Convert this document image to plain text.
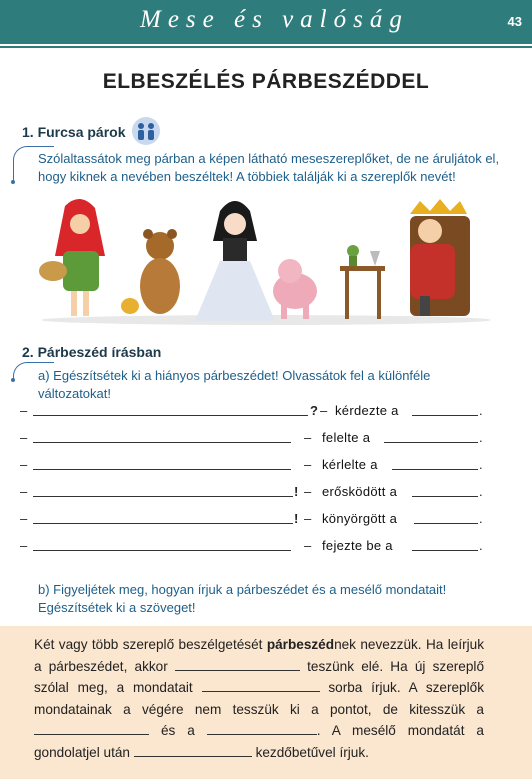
Mese és valóság	43
ELBESZÉLÉS PÁRBESZÉDDEL
1. Furcsa párok
Szólaltassátok meg párban a képen látható meseszereplőket, de ne áruljátok el, hogy kiknek a nevében beszéltek! A többiek találják ki a szereplők nevét!
2. Párbeszéd írásban
a) Egészítsétek ki a hiányos párbeszédet! Olvassátok fel a különféle változatokat!
–	? – kérdezte a	.
–	– felelte a	.
–	– kérlelte a	.
–	! – erősködött a	.
–	! – könyörgött a	.
–	– fejezte be a	.
b) Figyeljétek meg, hogyan írjuk a párbeszédet és a mesélő mondatait! Egészítsétek ki a szöveget!
Két vagy több szereplő beszélgetését párbeszédnek nevezzük. Ha leírjuk a párbeszédet, akkor	teszünk elé. Ha új szereplő szólal meg, a mondatait	sorba írjuk. A szereplők mondatainak a végére nem tesszük ki a pontot, de kitesszük a  és a	. A mesélő mondatát a gondolatjel után	kezdőbetűvel írjuk.
